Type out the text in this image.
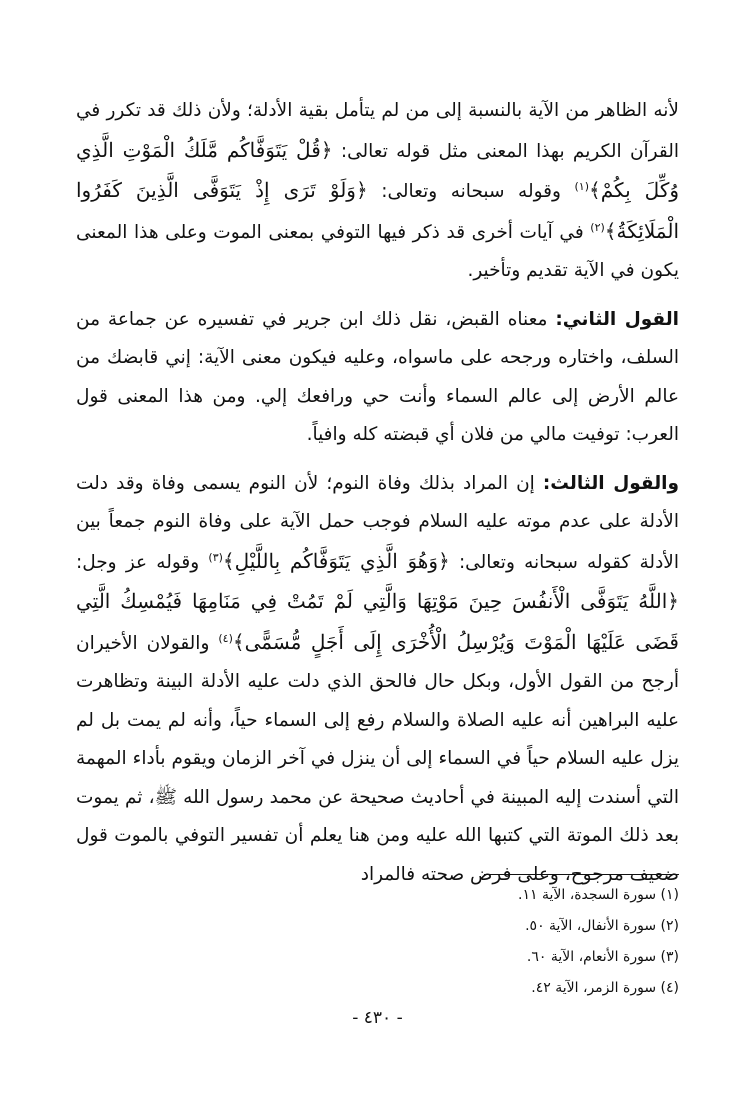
لأنه الظاهر من الآية بالنسبة إلى من لم يتأمل بقية الأدلة؛ ولأن ذلك قد تكرر في القرآن الكريم بهذا المعنى مثل قوله تعالى: ﴿قُلْ يَتَوَفَّاكُم مَّلَكُ الْمَوْتِ الَّذِي وُكِّلَ بِكُمْ﴾$^{(١)}$ وقوله سبحانه وتعالى: ﴿وَلَوْ تَرَى إِذْ يَتَوَفَّى الَّذِينَ كَفَرُوا الْمَلَائِكَةُ﴾$^{(٢)}$ في آيات أخرى قد ذكر فيها التوفي بمعنى الموت وعلى هذا المعنى يكون في الآية تقديم وتأخير.

القول الثاني: معناه القبض، نقل ذلك ابن جرير في تفسيره عن جماعة من السلف، واختاره ورجحه على ماسواه، وعليه فيكون معنى الآية: إني قابضك من عالم الأرض إلى عالم السماء وأنت حي ورافعك إلي. ومن هذا المعنى قول العرب: توفيت مالي من فلان أي قبضته كله وافياً.

والقول الثالث: إن المراد بذلك وفاة النوم؛ لأن النوم يسمى وفاة وقد دلت الأدلة على عدم موته عليه السلام فوجب حمل الآية على وفاة النوم جمعاً بين الأدلة كقوله سبحانه وتعالى: ﴿وَهُوَ الَّذِي يَتَوَفَّاكُم بِاللَّيْلِ﴾$^{(٣)}$ وقوله عز وجل: ﴿اللَّهُ يَتَوَفَّى الْأَنفُسَ حِينَ مَوْتِهَا وَالَّتِي لَمْ تَمُتْ فِي مَنَامِهَا فَيُمْسِكُ الَّتِي قَضَى عَلَيْهَا الْمَوْتَ وَيُرْسِلُ الْأُخْرَى إِلَى أَجَلٍ مُّسَمًّى﴾$^{(٤)}$ والقولان الأخيران أرجح من القول الأول، وبكل حال فالحق الذي دلت عليه الأدلة البينة وتظاهرت عليه البراهين أنه عليه الصلاة والسلام رفع إلى السماء حياً، وأنه لم يمت بل لم يزل عليه السلام حياً في السماء إلى أن ينزل في آخر الزمان ويقوم بأداء المهمة التي أسندت إليه المبينة في أحاديث صحيحة عن محمد رسول الله ﷺ، ثم يموت بعد ذلك الموتة التي كتبها الله عليه ومن هنا يعلم أن تفسير التوفي بالموت قول ضعيف مرجوح، وعلى فرض صحته فالمراد

(١) سورة السجدة، الآية ١١.
(٢) سورة الأنفال، الآية ٥٠.
(٣) سورة الأنعام، الآية ٦٠.
(٤) سورة الزمر، الآية ٤٢.
- ٤٣٠ -
